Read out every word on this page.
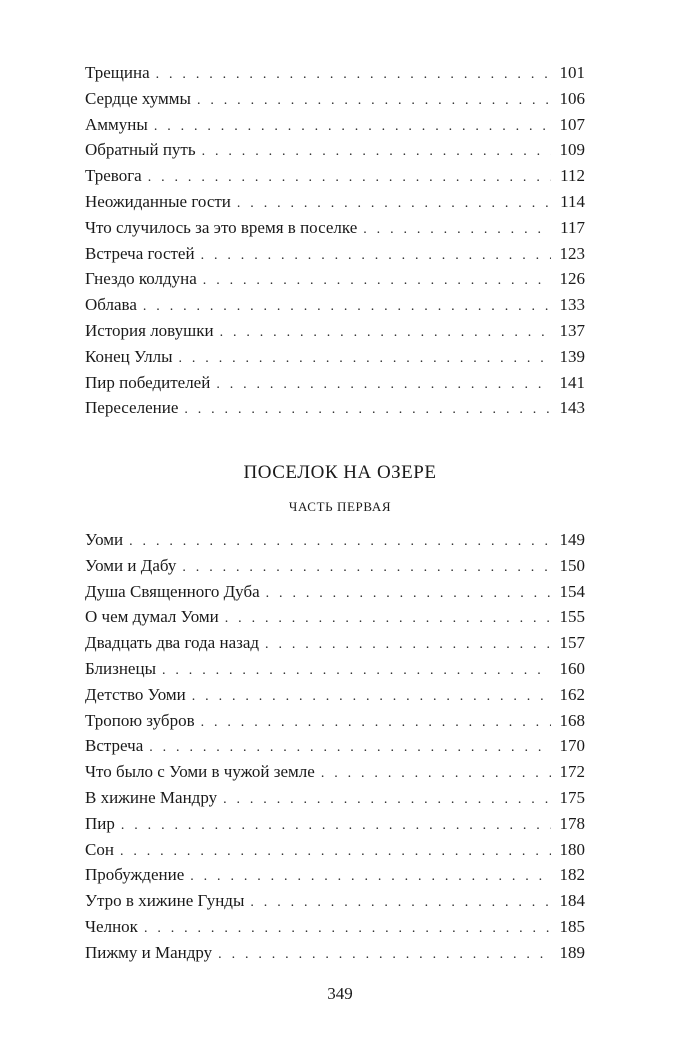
Трещина . . .	101
Сердце хуммы . . .	106
Аммуны . . .	107
Обратный путь . . .	109
Тревога . . .	112
Неожиданные гости . . .	114
Что случилось за это время в поселке . . .	117
Встреча гостей . . .	123
Гнездо колдуна . . .	126
Облава . . .	133
История ловушки . . .	137
Конец Уллы . . .	139
Пир победителей . . .	141
Переселение . . .	143
ПОСЕЛОК НА ОЗЕРЕ
ЧАСТЬ ПЕРВАЯ
Уоми . . .	149
Уоми и Дабу . . .	150
Душа Священного Дуба . . .	154
О чем думал Уоми . . .	155
Двадцать два года назад . . .	157
Близнецы . . .	160
Детство Уоми . . .	162
Тропою зубров . . .	168
Встреча . . .	170
Что было с Уоми в чужой земле . . .	172
В хижине Мандру . . .	175
Пир . . .	178
Сон . . .	180
Пробуждение . . .	182
Утро в хижине Гунды . . .	184
Челнок . . .	185
Пижму и Мандру . . .	189
349
